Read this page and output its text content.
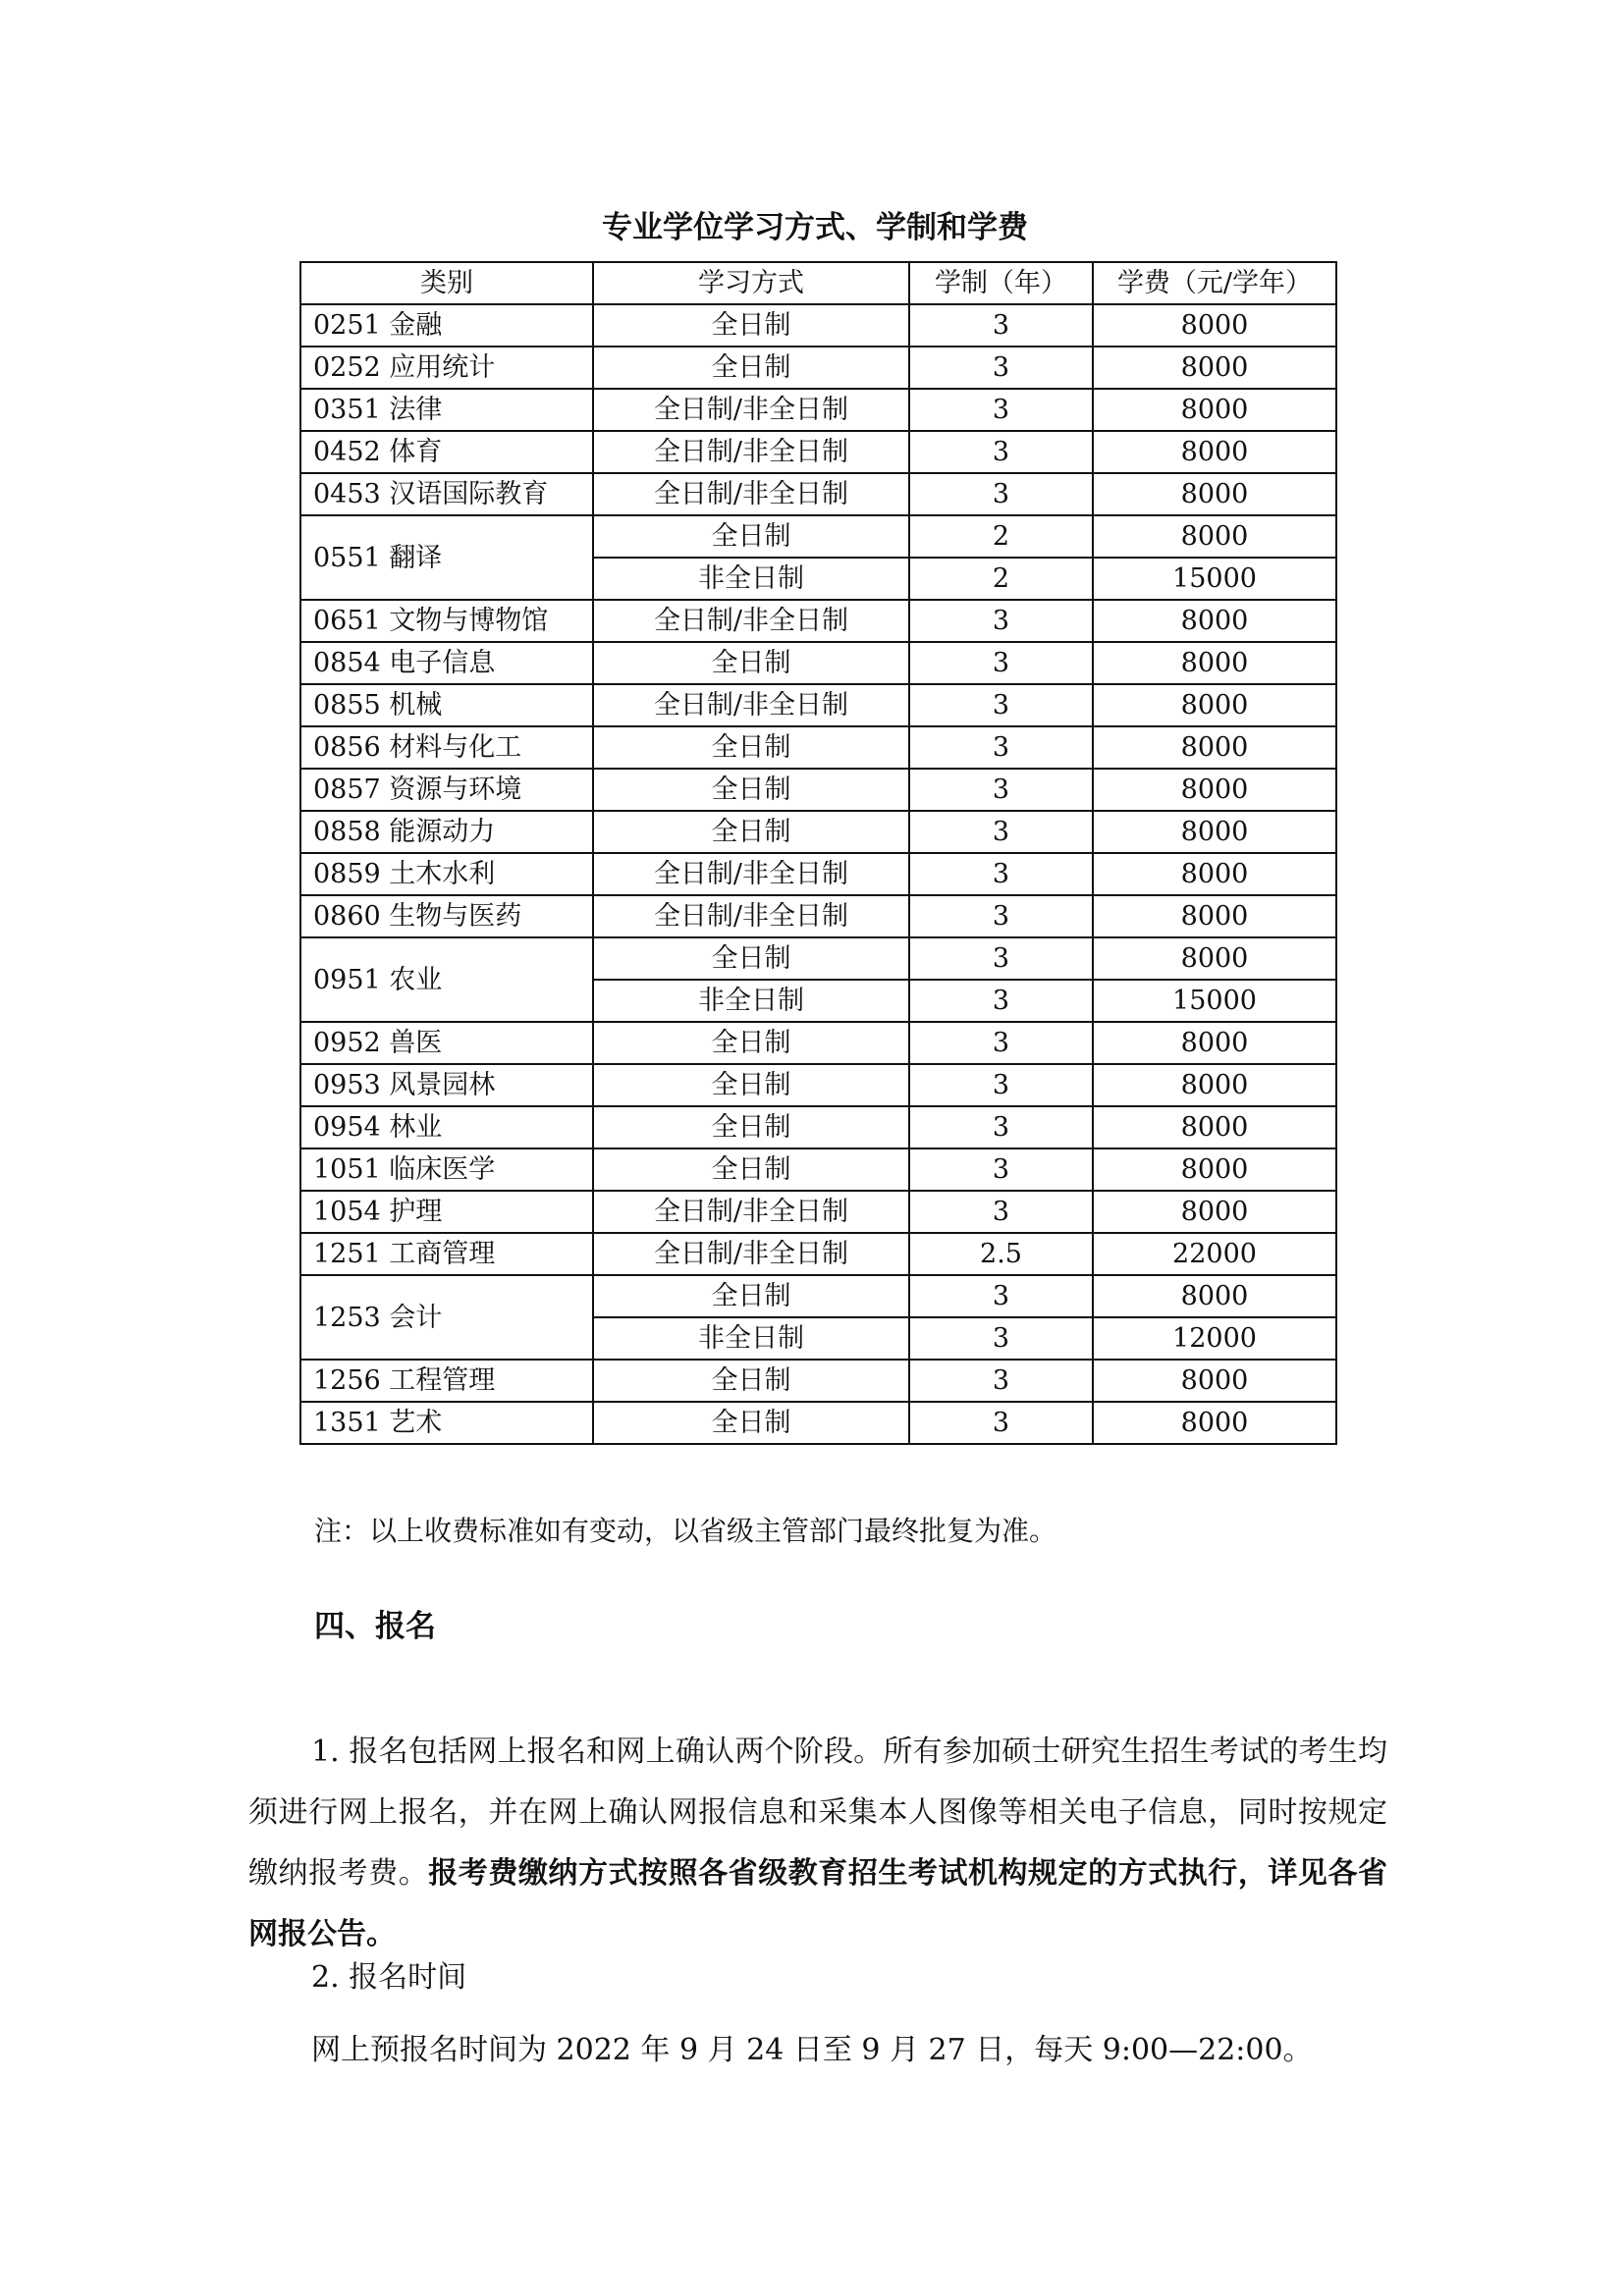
专业学位学习方式、学制和学费
类别	学习方式	学制（年）	学费（元/学年）
0251 金融	全日制	3	8000
0252 应用统计	全日制	3	8000
0351 法律	全日制/非全日制	3	8000
0452 体育	全日制/非全日制	3	8000
0453 汉语国际教育	全日制/非全日制	3	8000
0551 翻译	全日制	2	8000
	非全日制	2	15000
0651 文物与博物馆	全日制/非全日制	3	8000
0854 电子信息	全日制	3	8000
0855 机械	全日制/非全日制	3	8000
0856 材料与化工	全日制	3	8000
0857 资源与环境	全日制	3	8000
0858 能源动力	全日制	3	8000
0859 土木水利	全日制/非全日制	3	8000
0860 生物与医药	全日制/非全日制	3	8000
0951 农业	全日制	3	8000
	非全日制	3	15000
0952 兽医	全日制	3	8000
0953 风景园林	全日制	3	8000
0954 林业	全日制	3	8000
1051 临床医学	全日制	3	8000
1054 护理	全日制/非全日制	3	8000
1251 工商管理	全日制/非全日制	2.5	22000
1253 会计	全日制	3	8000
	非全日制	3	12000
1256 工程管理	全日制	3	8000
1351 艺术	全日制	3	8000
注：以上收费标准如有变动，以省级主管部门最终批复为准。
四、报名

1. 报名包括网上报名和网上确认两个阶段。所有参加硕士研究生招生考试的考生均须进行网上报名，并在网上确认网报信息和采集本人图像等相关电子信息，同时按规定缴纳报考费。报考费缴纳方式按照各省级教育招生考试机构规定的方式执行，详见各省网报公告。

2. 报名时间
网上预报名时间为 2022 年 9 月 24 日至 9 月 27 日，每天 9:00—22:00。
